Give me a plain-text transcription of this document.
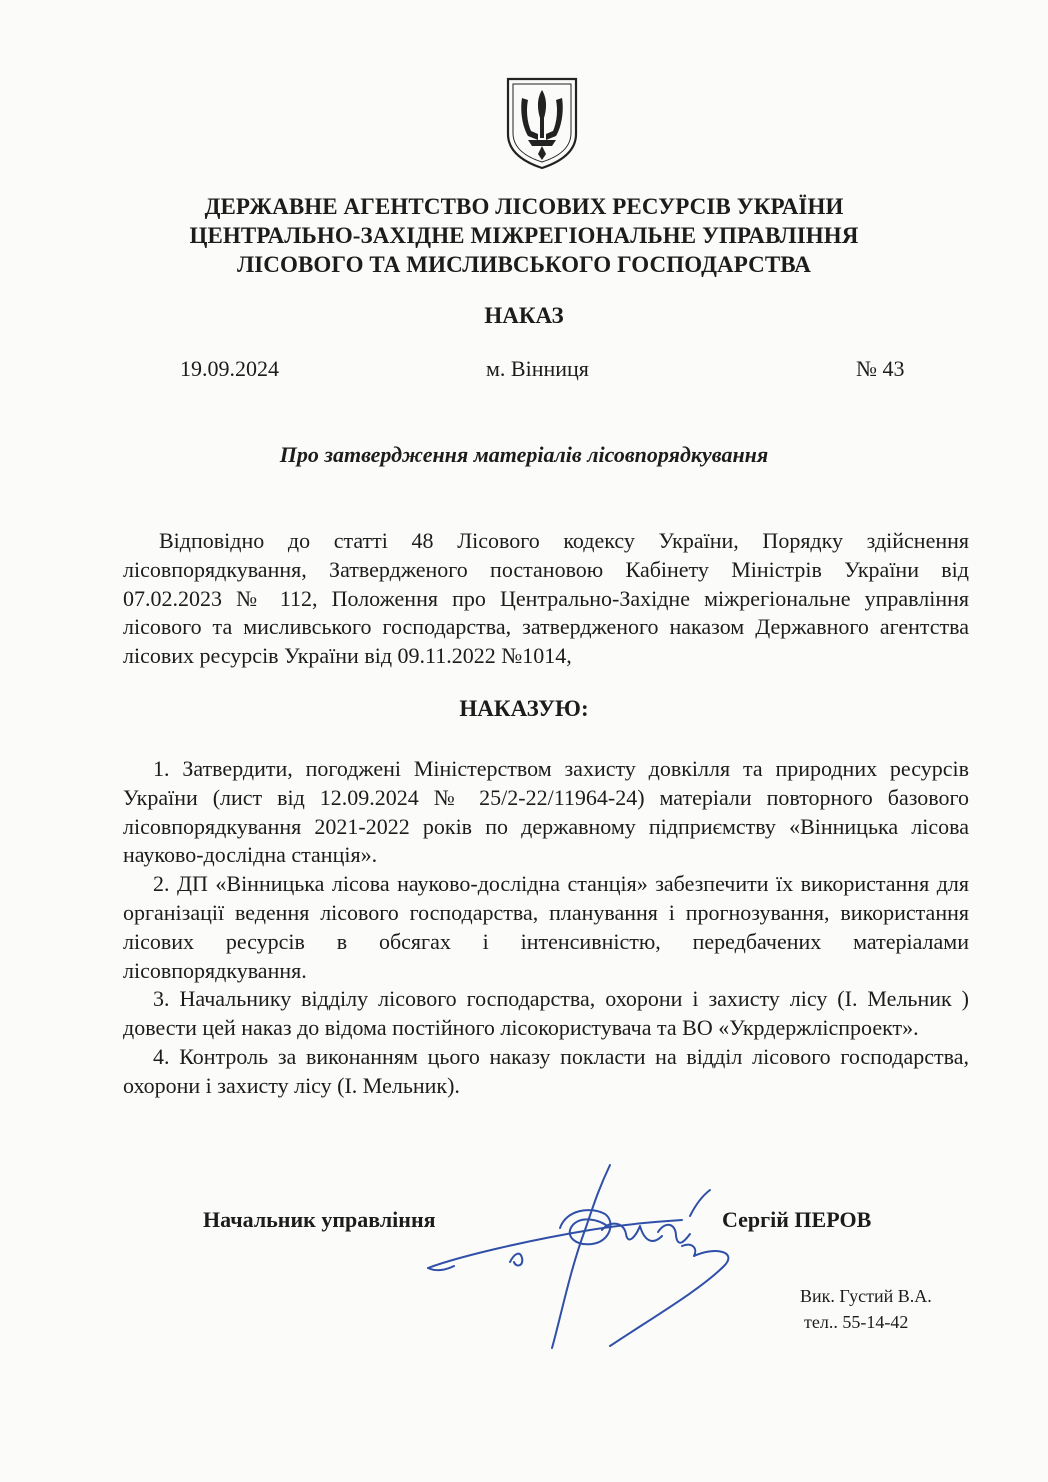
ДЕРЖАВНЕ АГЕНТСТВО ЛІСОВИХ РЕСУРСІВ УКРАЇНИ
ЦЕНТРАЛЬНО-ЗАХІДНЕ МІЖРЕГІОНАЛЬНЕ УПРАВЛІННЯ
ЛІСОВОГО ТА МИСЛИВСЬКОГО ГОСПОДАРСТВА
НАКАЗ
19.09.2024	м. Вінниця	№ 43
Про затвердження матеріалів лісовпорядкування
Відповідно до статті 48 Лісового кодексу України, Порядку здійснення лісовпорядкування, Затвердженого постановою Кабінету Міністрів України від 07.02.2023 № 112, Положення про Центрально-Західне міжрегіональне управління лісового та мисливського господарства, затвердженого наказом Державного агентства лісових ресурсів України від 09.11.2022 №1014,
НАКАЗУЮ:

1. Затвердити, погоджені Міністерством захисту довкілля та природних ресурсів України (лист від 12.09.2024 № 25/2-22/11964-24) матеріали повторного базового лісовпорядкування 2021-2022 років по державному підприємству «Вінницька лісова науково-дослідна станція».

2. ДП «Вінницька лісова науково-дослідна станція» забезпечити їх використання для організації ведення лісового господарства, планування і прогнозування, використання лісових ресурсів в обсягах і інтенсивністю, передбачених матеріалами лісовпорядкування.

3. Начальнику відділу лісового господарства, охорони і захисту лісу (І. Мельник ) довести цей наказ до відома постійного лісокористувача та ВО «Укрдержліспроект».

4. Контроль за виконанням цього наказу покласти на відділ лісового господарства, охорони і захисту лісу (І. Мельник).

Начальник управління	Сергій ПЕРОВ
Вик. Густий В.А.
тел.. 55-14-42
